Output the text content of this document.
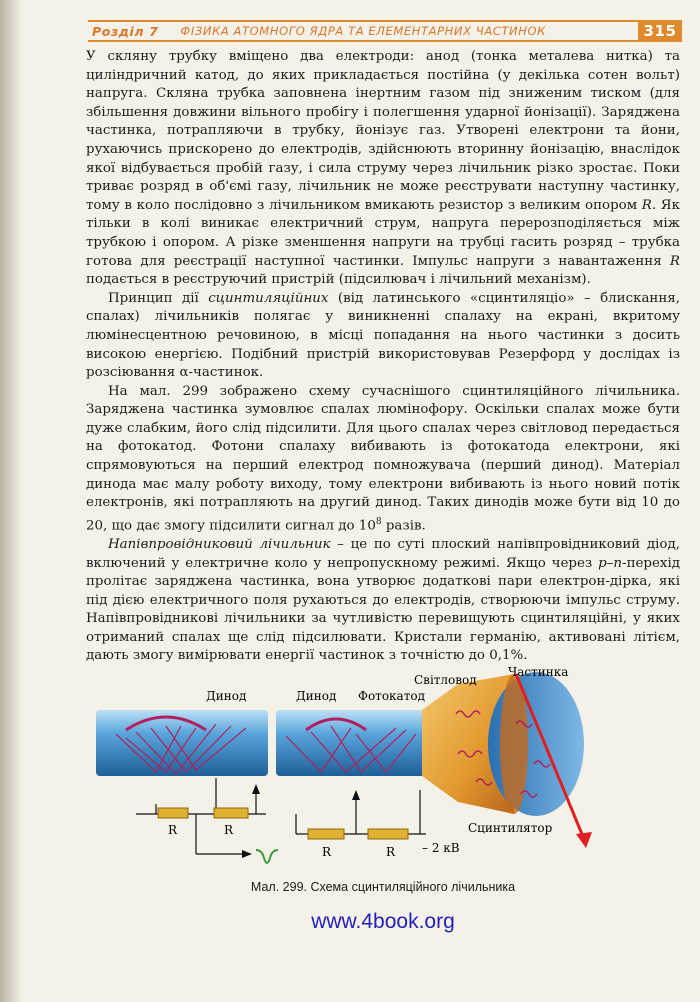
Розділ 7 ФІЗИКА АТОМНОГО ЯДРА ТА ЕЛЕМЕНТАРНИХ ЧАСТИНОК	315

У скляну трубку вміщено два електроди: анод (тонка металева нитка) та циліндричний катод, до яких прикладається постійна (у декілька сотен вольт) напруга. Скляна трубка заповнена інертним газом під зниженим тиском (для збільшення довжини вільного пробігу і полегшення ударної йонізації). Заряджена частинка, потрапляючи в трубку, йонізує газ. Утворені електрони та йони, рухаючись прискорено до електродів, здійснюють вторинну йонізацію, внаслідок якої відбувається пробій газу, і сила струму через лічильник різко зростає. Поки триває розряд в об'ємі газу, лічильник не може реєструвати наступну частинку, тому в коло послідовно з лічильником вмикають резистор з великим опором R. Як тільки в колі виникає електричний струм, напруга перерозподіляється між трубкою і опором. А різке зменшення напруги на трубці гасить розряд – трубка готова для реєстрації наступної частинки. Імпульс напруги з навантаження R подається в реєструючий пристрій (підсилювач і лічильний механізм).

Принцип дії сцинтиляційних (від латинського «сцинтиляціо» – блискання, спалах) лічильників полягає у виникненні спалаху на екрані, вкритому люмінесцентною речовиною, в місці попадання на нього частинки з досить високою енергією. Подібний пристрій використовував Резерфорд у дослідах із розсіювання α-частинок.

На мал. 299 зображено схему сучаснішого сцинтиляційного лічильника. Заряджена частинка зумовлює спалах люмінофору. Оскільки спалах може бути дуже слабким, його слід підсилити. Для цього спалах через світловод передається на фотокатод. Фотони спалаху вибивають із фотокатода електрони, які спрямовуються на перший електрод помножувача (перший динод). Матеріал динода має малу роботу виходу, тому електрони вибивають із нього новий потік електронів, які потрапляють на другий динод. Таких динодів може бути від 10 до 20, що дає змогу підсилити сигнал до $10^8$ разів.

Напівпровідниковий лічильник – це по суті плоский напівпровідниковий діод, включений у електричне коло у непропускному режимі. Якщо через p–n-перехід пролітає заряджена частинка, вона утворює додаткові пари електрон-дірка, які під дією електричного поля рухаються до електродів, створюючи імпульс струму. Напівпровідникові лічильники за чутливістю перевищують сцинтиляційні, у яких отриманий спалах ще слід підсилювати. Кристали германію, активовані літієм, дають змогу вимірювати енергії частинок з точністю до 0,1%.

Динод	Динод Фотокатод
Світловод
Частинка
Сцинтилятор
R	R
R	R – 2 кВ
Мал. 299. Схема сцинтиляційного лічильника
www.4book.org
